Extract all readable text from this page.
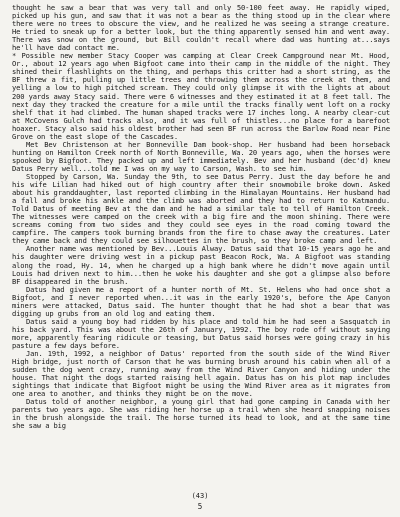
thought he saw a bear that was very tall and only 50-100 feet away. He rapidly wiped, picked up his gun, and saw that it was not a bear as the thing stood up in the clear where there were no trees to obscure the view, and he realized he was seeing a strange creature. He tried to sneak up for a better look, but the thing apparently sensed him and went away. There was snow on the ground, but Bill couldn't recall where dad was hunting at...says he'll have dad contact me.

* Possible new member Stacy Cooper was camping at Clear Creek Campground near Mt. Hood, Or., about 12 years ago when Bigfoot came into their camp in the middle of the night. They shined their flashlights on the thing, and perhaps this critter had a short string, as the BF threw a fit, pulling up little trees and throwing them across the creek at them, and yelling a low to high pitched scream. They could only glimpse it with the lights at about 200 yards away Stacy said. There were 6 witnesses and they estimated it at 8 feet tall. The next day they tracked the creature for a mile until the tracks finally went loft on a rocky shelf that it had climbed. The human shaped tracks were 17 inches long. A nearby clear-cut at McCovens Gulch had tracks also, and it was full of thistles...no place for a barefoot hoaxer. Stacy also said his oldest brother had seen BF run across the Barlow Road near Pine Grove on the east slope of the Cascades.

Met Bev Christenson at her Bonneville Dam book-shop. Her husband had been horseback hunting on Hamilton Creek north of North Bonneville, Wa. 20 years ago, when the horses were spooked by Bigfoot. They packed up and left immediately. Bev and her husband (dec'd) knew Datus Perry well...told me I was on my way to Carson, Wash. to see him.

Stopped by Carson, Wa. Sunday the 9th, to see Datus Perry. Just the day before he and his wife Lilian had hiked out of high country after their snowmobile broke down. Asked about his granddaughter, last reported climbing in the Himalayan Mountains. Her husband had a fall and broke his ankle and the climb was aborted and they had to return to Katmandu. Told Datus of meeting Bev at the dam and he had a similar tale to tell of Hamilton Creek. The witnesses were camped on the creek with a big fire and the moon shining. There were screams coming from two sides and they could see eyes in the road coming toward the campfire. The campers took burning brands from the fire to chase away the creatures. Later they came back and they could see silhouettes in the brush, so they broke camp and left.

Another name was mentioned by Bev...Louis Alway. Datus said that 10-15 years ago he and his daughter were driving west in a pickup past Beacon Rock, Wa. A Bigfoot was standing along the road, Hy. 14, when he charged up a high bank where he didn't move again until Louis had driven next to him...then he woke his daughter and she got a glimpse also before BF disappeared in the brush.

Datus had given me a report of a hunter north of Mt. St. Helens who had once shot a Bigfoot, and I never reported when...it was in the early 1920's, before the Ape Canyon miners were attacked, Datus said. The hunter thought that he had shot a bear that was digging up grubs from an old log and eating them.

Datus said a young boy had ridden by his place and told him he had seen a Sasquatch in his back yard. This was about the 26th of January, 1992. The boy rode off without saying more, apparently fearing ridicule or teasing, but Datus said horses were going crazy in his pasture a few days before.

Jan. 19th, 1992, a neighbor of Datus' reported from the south side of the Wind River High bridge, just north of Carson that he was burning brush around his cabin when all of a sudden the dog went crazy, running away from the Wind River Canyon and hiding under the house. That night the dogs started raising hell again. Datus has on his plot map includes sightings that indicate that Bigfoot might be using the Wind River area as it migrates from one area to another, and thinks they might be on the move.

Datus told of another neighbor, a young girl that had gone camping in Canada with her parents two years ago. She was riding her horse up a trail when she heard snapping noises in the brush alongside the trail. The horse turned its head to look, and at the same time she saw a big

(43)
5
